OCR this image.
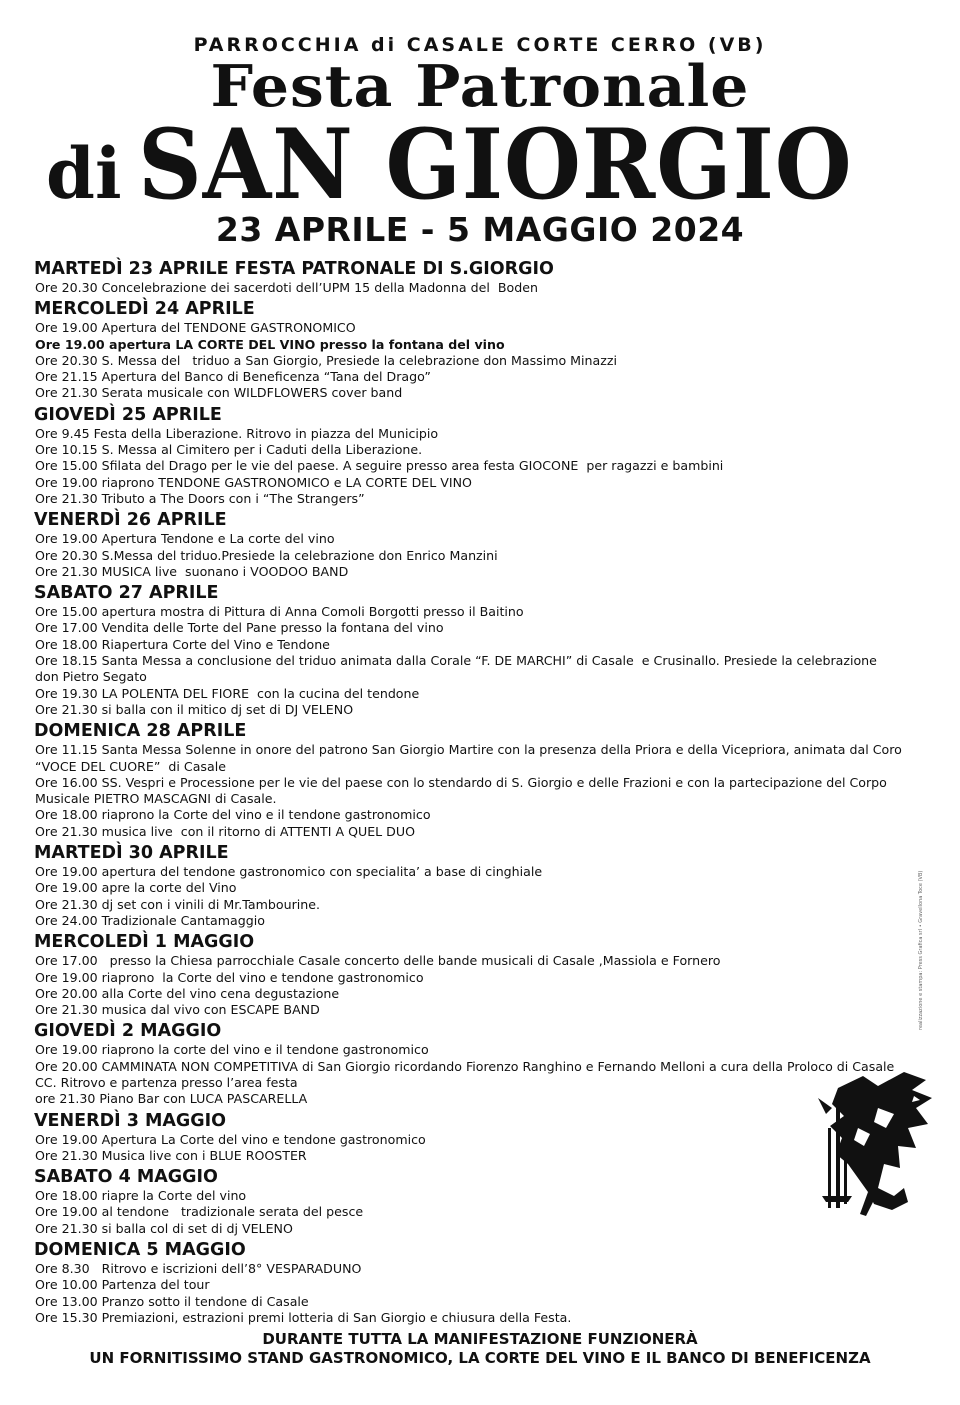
PARROCCHIA di CASALE CORTE CERRO (VB)
Festa Patronale
di SAN GIORGIO
23 APRILE - 5 MAGGIO 2024
MARTEDÌ 23 APRILE FESTA PATRONALE DI S.GIORGIO
Ore 20.30 Concelebrazione dei sacerdoti dell’UPM 15 della Madonna del  Boden
MERCOLEDÌ 24 APRILE
Ore 19.00 Apertura del TENDONE GASTRONOMICO
Ore 19.00 apertura LA CORTE DEL VINO presso la fontana del vino
Ore 20.30 S. Messa del   triduo a San Giorgio, Presiede la celebrazione don Massimo Minazzi
Ore 21.15 Apertura del Banco di Beneficenza “Tana del Drago”
Ore 21.30 Serata musicale con WILDFLOWERS cover band
GIOVEDÌ 25 APRILE
Ore 9.45 Festa della Liberazione. Ritrovo in piazza del Municipio
Ore 10.15 S. Messa al Cimitero per i Caduti della Liberazione.
Ore 15.00 Sfilata del Drago per le vie del paese. A seguire presso area festa GIOCONE  per ragazzi e bambini
Ore 19.00 riaprono TENDONE GASTRONOMICO e LA CORTE DEL VINO
Ore 21.30 Tributo a The Doors con i “The Strangers”
VENERDÌ 26 APRILE
Ore 19.00 Apertura Tendone e La corte del vino
Ore 20.30 S.Messa del triduo.Presiede la celebrazione don Enrico Manzini
Ore 21.30 MUSICA live  suonano i VOODOO BAND
SABATO 27 APRILE
Ore 15.00 apertura mostra di Pittura di Anna Comoli Borgotti presso il Baitino
Ore 17.00 Vendita delle Torte del Pane presso la fontana del vino
Ore 18.00 Riapertura Corte del Vino e Tendone
Ore 18.15 Santa Messa a conclusione del triduo animata dalla Corale “F. DE MARCHI” di Casale  e Crusinallo. Presiede la celebrazione don Pietro Segato
Ore 19.30 LA POLENTA DEL FIORE  con la cucina del tendone
Ore 21.30 si balla con il mitico dj set di DJ VELENO
DOMENICA 28 APRILE
Ore 11.15 Santa Messa Solenne in onore del patrono San Giorgio Martire con la presenza della Priora e della Vicepriora, animata dal Coro “VOCE DEL CUORE”  di Casale
Ore 16.00 SS. Vespri e Processione per le vie del paese con lo stendardo di S. Giorgio e delle Frazioni e con la partecipazione del Corpo Musicale PIETRO MASCAGNI di Casale.
Ore 18.00 riaprono la Corte del vino e il tendone gastronomico
Ore 21.30 musica live  con il ritorno di ATTENTI A QUEL DUO
MARTEDÌ 30 APRILE
Ore 19.00 apertura del tendone gastronomico con specialita’ a base di cinghiale
Ore 19.00 apre la corte del Vino
Ore 21.30 dj set con i vinili di Mr.Tambourine.
Ore 24.00 Tradizionale Cantamaggio
MERCOLEDÌ 1 MAGGIO
Ore 17.00   presso la Chiesa parrocchiale Casale concerto delle bande musicali di Casale ,Massiola e Fornero
Ore 19.00 riaprono  la Corte del vino e tendone gastronomico
Ore 20.00 alla Corte del vino cena degustazione
Ore 21.30 musica dal vivo con ESCAPE BAND
GIOVEDÌ 2 MAGGIO
Ore 19.00 riaprono la corte del vino e il tendone gastronomico
Ore 20.00 CAMMINATA NON COMPETITIVA di San Giorgio ricordando Fiorenzo Ranghino e Fernando Melloni a cura della Proloco di Casale CC. Ritrovo e partenza presso l’area festa
ore 21.30 Piano Bar con LUCA PASCARELLA
VENERDÌ 3 MAGGIO
Ore 19.00 Apertura La Corte del vino e tendone gastronomico
Ore 21.30 Musica live con i BLUE ROOSTER
SABATO 4 MAGGIO
Ore 18.00 riapre la Corte del vino
Ore 19.00 al tendone   tradizionale serata del pesce
Ore 21.30 si balla col di set di dj VELENO
DOMENICA 5 MAGGIO
Ore 8.30   Ritrovo e iscrizioni dell’8° VESPARADUNO
Ore 10.00 Partenza del tour
Ore 13.00 Pranzo sotto il tendone di Casale
Ore 15.30 Premiazioni, estrazioni premi lotteria di San Giorgio e chiusura della Festa.
DURANTE TUTTA LA MANIFESTAZIONE FUNZIONERÀ
UN FORNITISSIMO STAND GASTRONOMICO, LA CORTE DEL VINO E IL BANCO DI BENEFICENZA
realizzazione e stampa: Press Grafica srl • Gravellona Toce (VB)
